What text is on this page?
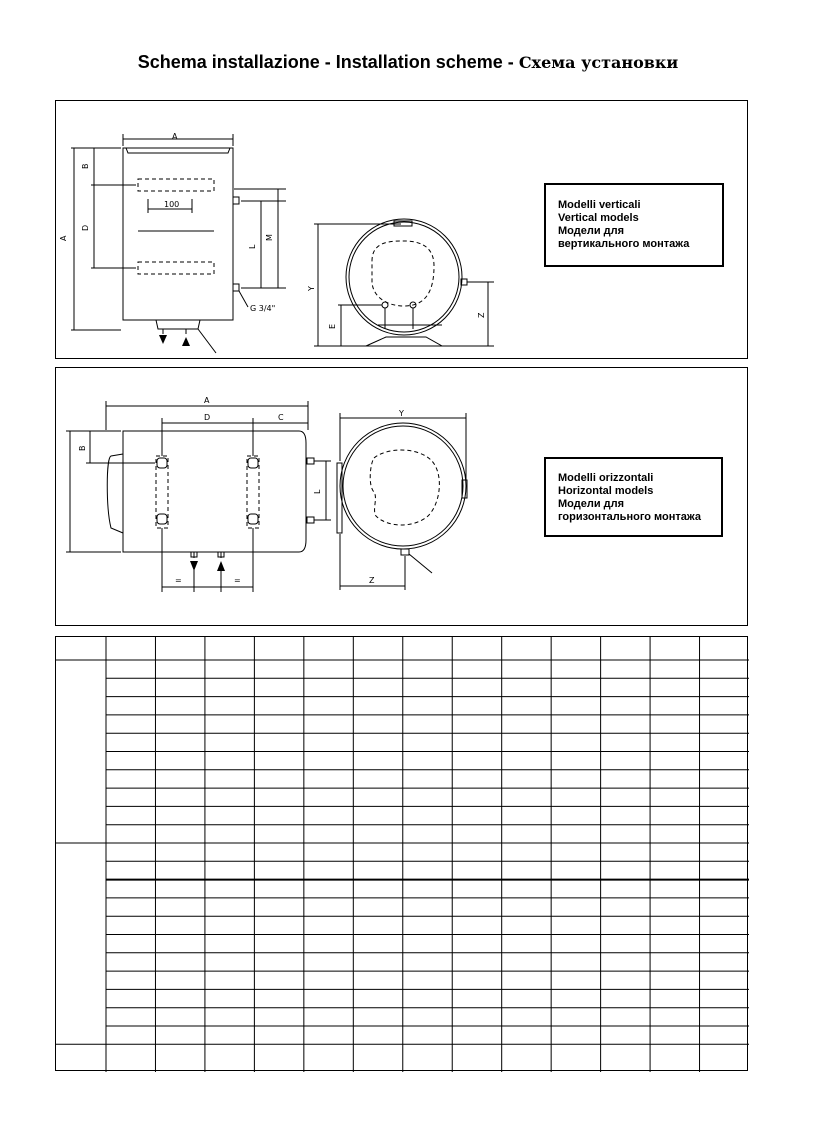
Schema installazione - Installation scheme - Схема установки
A
A
B
D
100
L
M
G 3/4"
Y
E
Z
Modelli verticali
Vertical models
Модели для
вертикального монтажа
A
D	C
B
L
=	=
Y
Z
Modelli orizzontali
Horizontal models
Модели для
горизонтального монтажа
